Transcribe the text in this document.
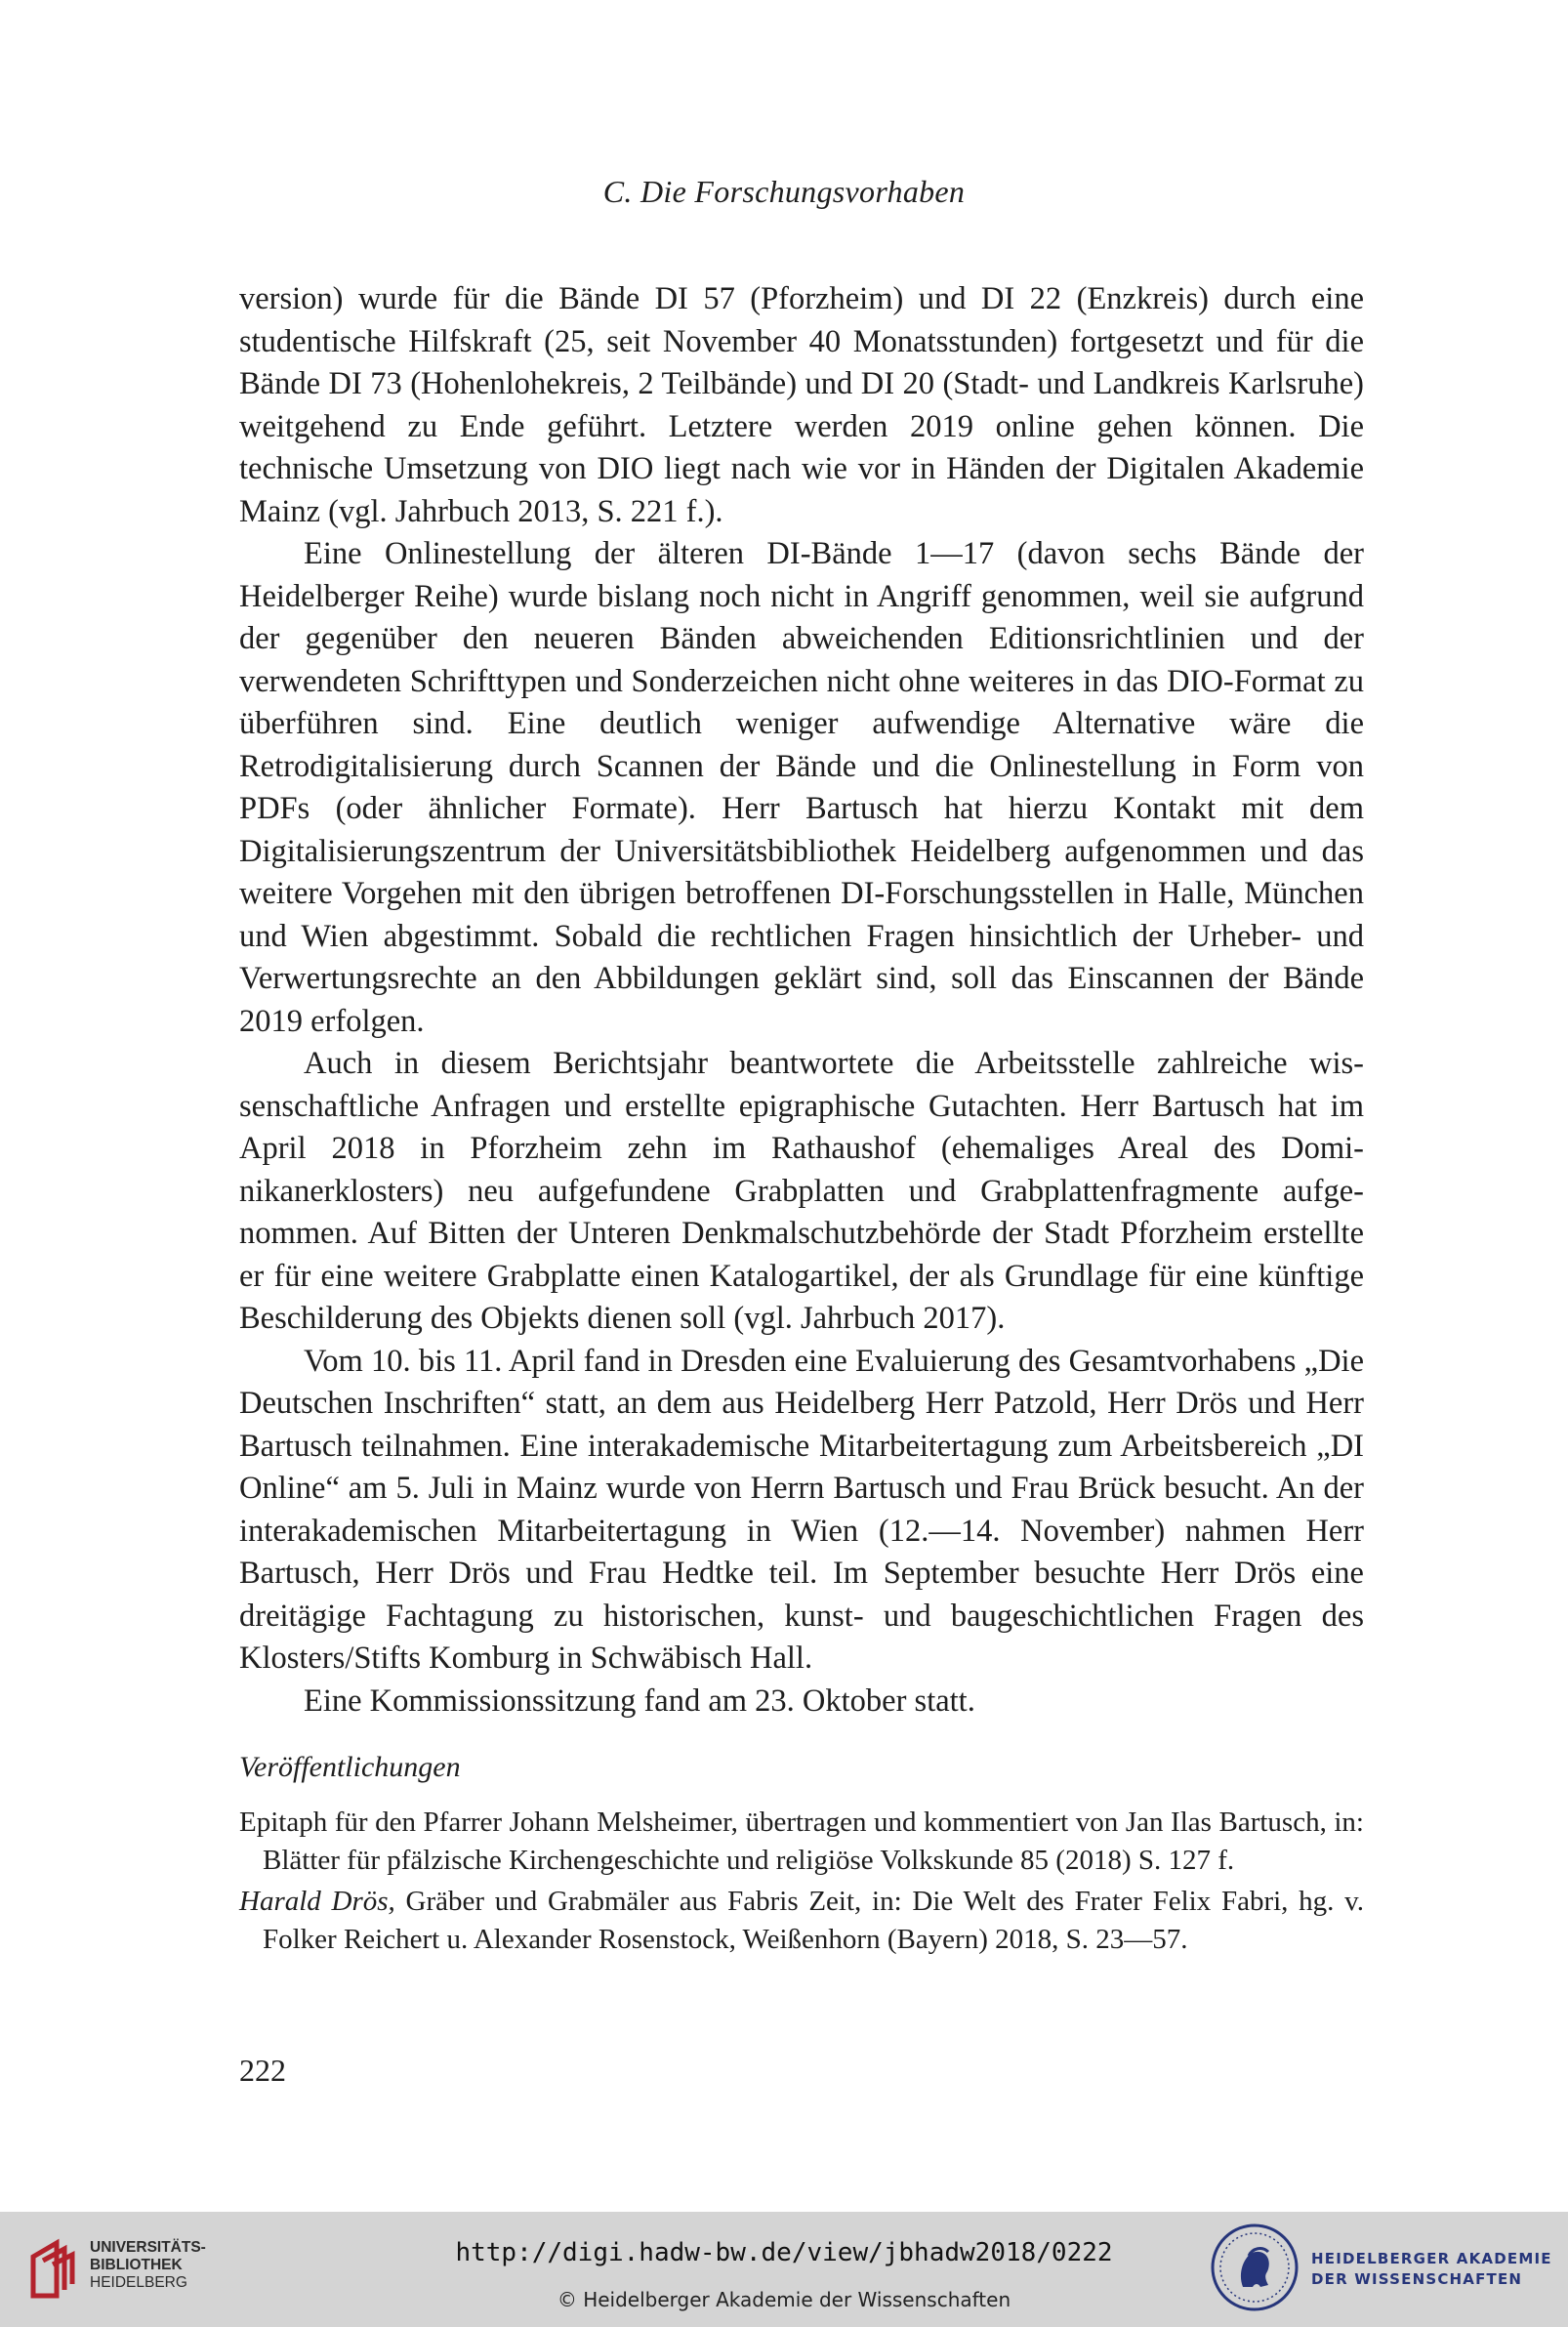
C. Die Forschungsvorhaben

version) wurde für die Bände DI 57 (Pforzheim) und DI 22 (Enzkreis) durch eine studentische Hilfskraft (25, seit November 40 Monatsstunden) fortgesetzt und für die Bände DI 73 (Hohenlohekreis, 2 Teilbände) und DI 20 (Stadt- und Landkreis Karlsruhe) weitgehend zu Ende geführt. Letztere werden 2019 online gehen können. Die technische Umsetzung von DIO liegt nach wie vor in Händen der Digitalen Akademie Mainz (vgl. Jahrbuch 2013, S. 221 f.).

Eine Onlinestellung der älteren DI-Bände 1—17 (davon sechs Bände der Heidelberger Reihe) wurde bislang noch nicht in Angriff genommen, weil sie aufgrund der gegenüber den neueren Bänden abweichenden Editionsrichtlinien und der verwendeten Schrifttypen und Sonderzeichen nicht ohne weiteres in das DIO-Format zu überführen sind. Eine deutlich weniger aufwendige Alternative wäre die Retrodigitalisierung durch Scannen der Bände und die Onlinestellung in Form von PDFs (oder ähnlicher Formate). Herr Bartusch hat hierzu Kontakt mit dem Digitalisierungszentrum der Universitätsbibliothek Heidelberg aufgenommen und das weitere Vorgehen mit den übrigen betroffenen DI-Forschungsstellen in Halle, München und Wien abgestimmt. Sobald die rechtlichen Fragen hinsichtlich der Urheber- und Verwertungsrechte an den Abbildungen geklärt sind, soll das Einscannen der Bände 2019 erfolgen.

Auch in diesem Berichtsjahr beantwortete die Arbeitsstelle zahlreiche wissenschaftliche Anfragen und erstellte epigraphische Gutachten. Herr Bartusch hat im April 2018 in Pforzheim zehn im Rathaushof (ehemaliges Areal des Dominikanerklosters) neu aufgefundene Grabplatten und Grabplattenfragmente aufgenommen. Auf Bitten der Unteren Denkmalschutzbehörde der Stadt Pforzheim erstellte er für eine weitere Grabplatte einen Katalogartikel, der als Grundlage für eine künftige Beschilderung des Objekts dienen soll (vgl. Jahrbuch 2017).

Vom 10. bis 11. April fand in Dresden eine Evaluierung des Gesamtvorhabens „Die Deutschen Inschriften“ statt, an dem aus Heidelberg Herr Patzold, Herr Drös und Herr Bartusch teilnahmen. Eine interakademische Mitarbeitertagung zum Arbeitsbereich „DI Online“ am 5. Juli in Mainz wurde von Herrn Bartusch und Frau Brück besucht. An der interakademischen Mitarbeitertagung in Wien (12.—14. November) nahmen Herr Bartusch, Herr Drös und Frau Hedtke teil. Im September besuchte Herr Drös eine dreitägige Fachtagung zu historischen, kunst- und baugeschichtlichen Fragen des Klosters/Stifts Komburg in Schwäbisch Hall.

Eine Kommissionssitzung fand am 23. Oktober statt.

Veröffentlichungen

Epitaph für den Pfarrer Johann Melsheimer, übertragen und kommentiert von Jan Ilas Bartusch, in: Blätter für pfälzische Kirchengeschichte und religiöse Volkskunde 85 (2018) S. 127 f.

Harald Drös, Gräber und Grabmäler aus Fabris Zeit, in: Die Welt des Frater Felix Fabri, hg. v. Folker Reichert u. Alexander Rosenstock, Weißenhorn (Bayern) 2018, S. 23—57.

222
UNIVERSITÄTS-
BIBLIOTHEK
HEIDELBERG
http://digi.hadw-bw.de/view/jbhadw2018/0222
© Heidelberger Akademie der Wissenschaften
HEIDELBERGER AKADEMIE
DER WISSENSCHAFTEN
